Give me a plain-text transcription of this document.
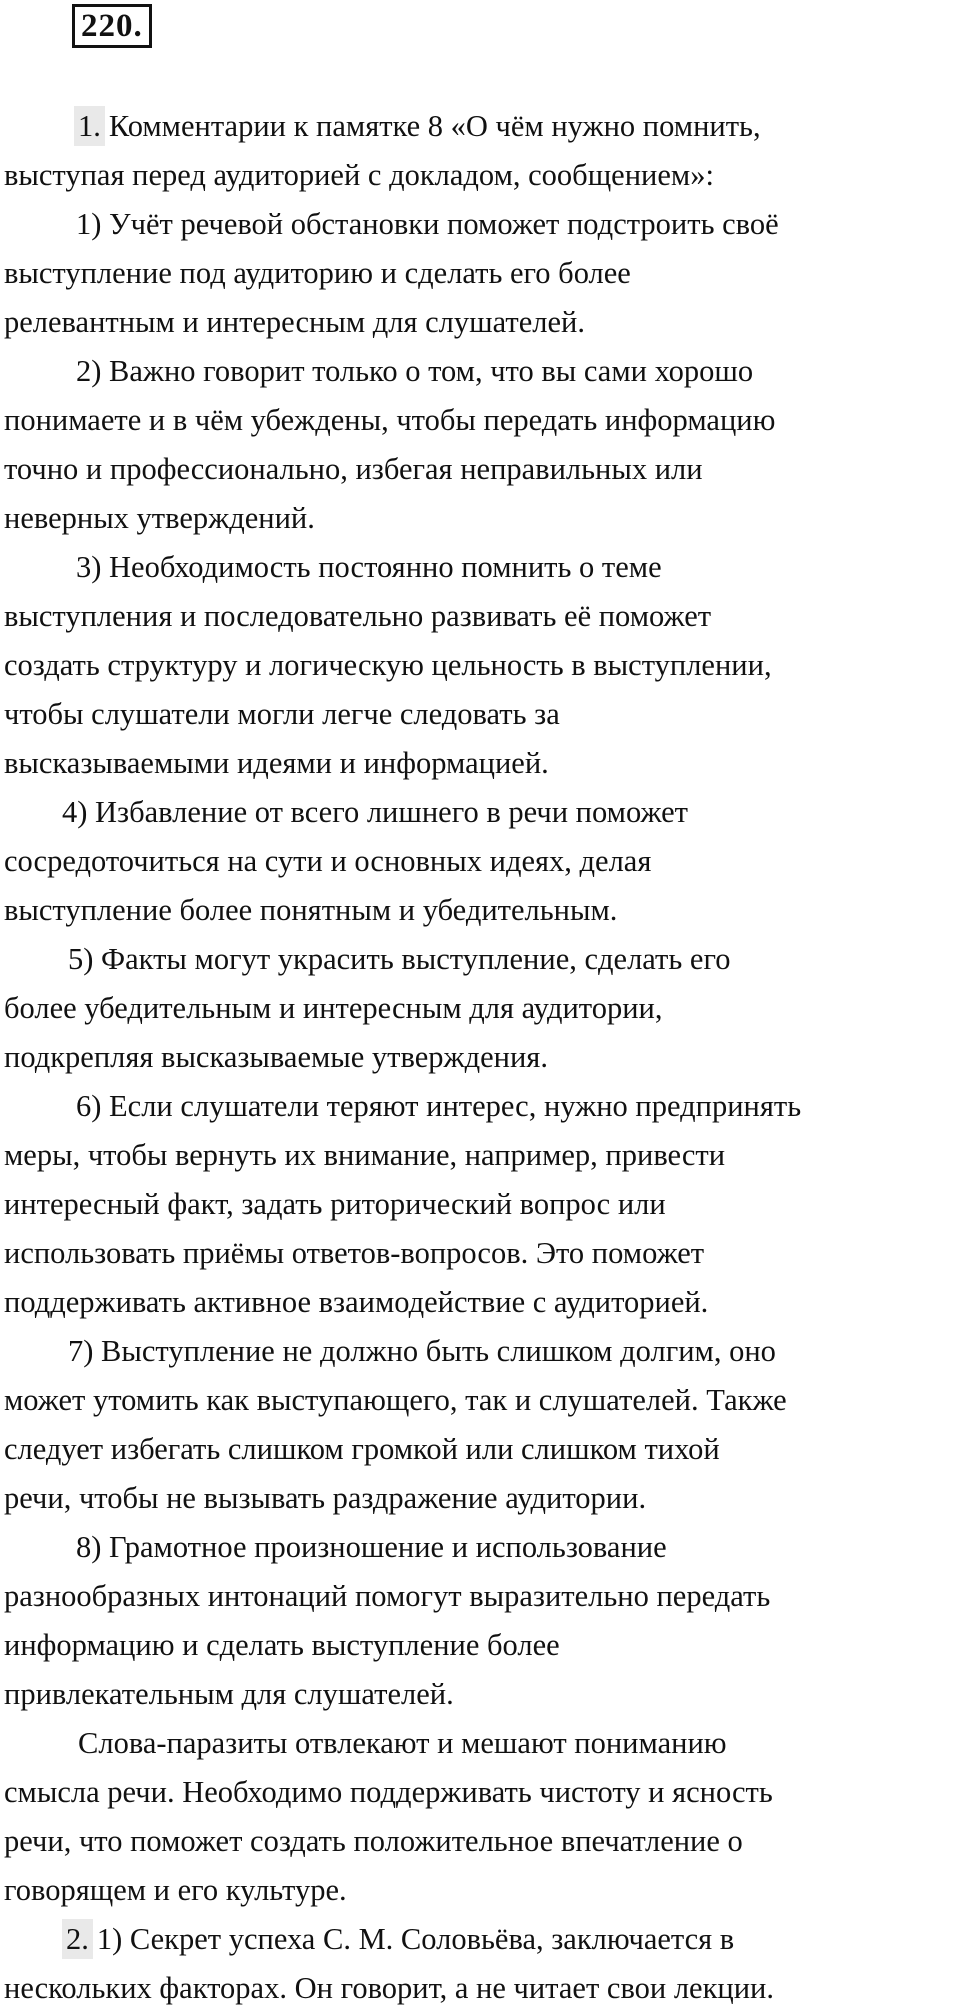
220.
1. Комментарии к памятке 8 «О чём нужно помнить,
выступая перед аудиторией с докладом, сообщением»:
1) Учёт речевой обстановки поможет подстроить своё
выступление под аудиторию и сделать его более
релевантным и интересным для слушателей.
2) Важно говорит только о том, что вы сами хорошо
понимаете и в чём убеждены, чтобы передать информацию
точно и профессионально, избегая неправильных или
неверных утверждений.
3) Необходимость постоянно помнить о теме
выступления и последовательно развивать её поможет
создать структуру и логическую цельность в выступлении,
чтобы слушатели могли легче следовать за
высказываемыми идеями и информацией.
4) Избавление от всего лишнего в речи поможет
сосредоточиться на сути и основных идеях, делая
выступление более понятным и убедительным.
5) Факты могут украсить выступление, сделать его
более убедительным и интересным для аудитории,
подкрепляя высказываемые утверждения.
6) Если слушатели теряют интерес, нужно предпринять
меры, чтобы вернуть их внимание, например, привести
интересный факт, задать риторический вопрос или
использовать приёмы ответов-вопросов. Это поможет
поддерживать активное взаимодействие с аудиторией.
7) Выступление не должно быть слишком долгим, оно
может утомить как выступающего, так и слушателей. Также
следует избегать слишком громкой или слишком тихой
речи, чтобы не вызывать раздражение аудитории.
8) Грамотное произношение и использование
разнообразных интонаций помогут выразительно передать
информацию и сделать выступление более
привлекательным для слушателей.
Слова-паразиты отвлекают и мешают пониманию
смысла речи. Необходимо поддерживать чистоту и ясность
речи, что поможет создать положительное впечатление о
говорящем и его культуре.
2. 1) Секрет успеха С. М. Соловьёва, заключается в
нескольких факторах. Он говорит, а не читает свои лекции.
